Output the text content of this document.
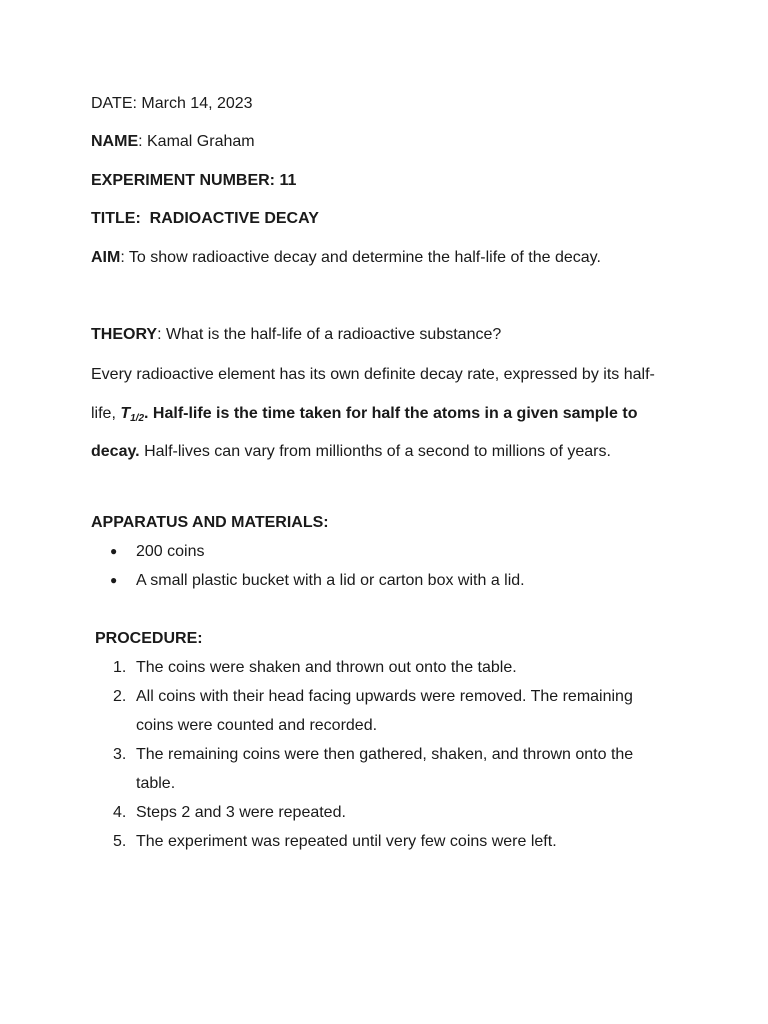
DATE: March 14, 2023
NAME: Kamal Graham
EXPERIMENT NUMBER: 11
TITLE: RADIOACTIVE DECAY
AIM: To show radioactive decay and determine the half-life of the decay.
THEORY: What is the half-life of a radioactive substance?
Every radioactive element has its own definite decay rate, expressed by its half-
life, T1/2. Half-life is the time taken for half the atoms in a given sample to
decay. Half-lives can vary from millionths of a second to millions of years.
APPARATUS AND MATERIALS:
● 200 coins
● A small plastic bucket with a lid or carton box with a lid.
PROCEDURE:
1. The coins were shaken and thrown out onto the table.
2. All coins with their head facing upwards were removed. The remaining
coins were counted and recorded.
3. The remaining coins were then gathered, shaken, and thrown onto the
table.
4. Steps 2 and 3 were repeated.
5. The experiment was repeated until very few coins were left.
